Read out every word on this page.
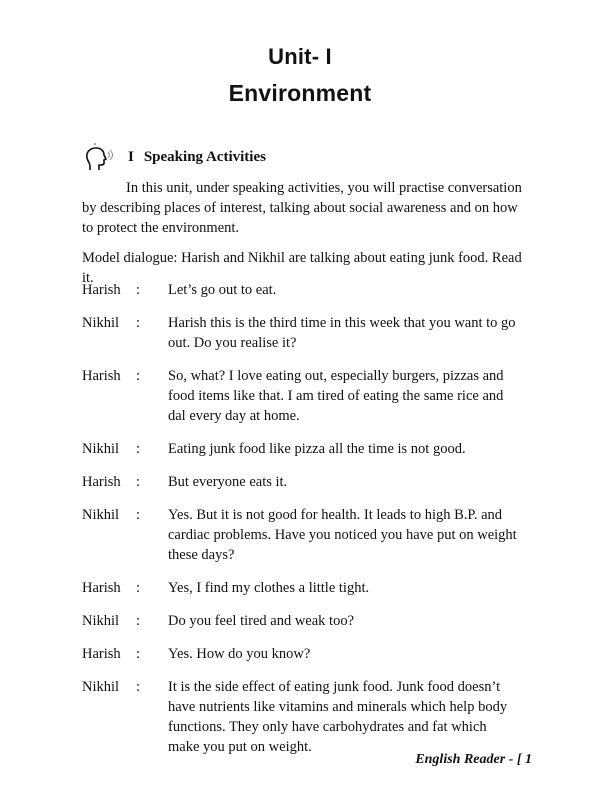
Unit- I
Environment
I Speaking Activities

In this unit, under speaking activities, you will practise conversation by describing places of interest, talking about social awareness and on how to protect the environment.

Model dialogue: Harish and Nikhil are talking about eating junk food. Read it.

Harish	: Let’s go out to eat.
Nikhil	: Harish this is the third time in this week that you want to go out. Do you realise it?
Harish	: So, what? I love eating out, especially burgers, pizzas and food items like that. I am tired of eating the same rice and dal every day at home.
Nikhil	: Eating junk food like pizza all the time is not good.
Harish	: But everyone eats it.
Nikhil	: Yes. But it is not good for health. It leads to high B.P. and cardiac problems. Have you noticed you have put on weight these days?
Harish	: Yes, I find my clothes a little tight.
Nikhil	: Do you feel tired and weak too?
Harish	: Yes. How do you know?
Nikhil	: It is the side effect of eating junk food. Junk food doesn’t have nutrients like vitamins and minerals which help body functions. They only have carbohydrates and fat which make you put on weight.
English Reader - [ 1
